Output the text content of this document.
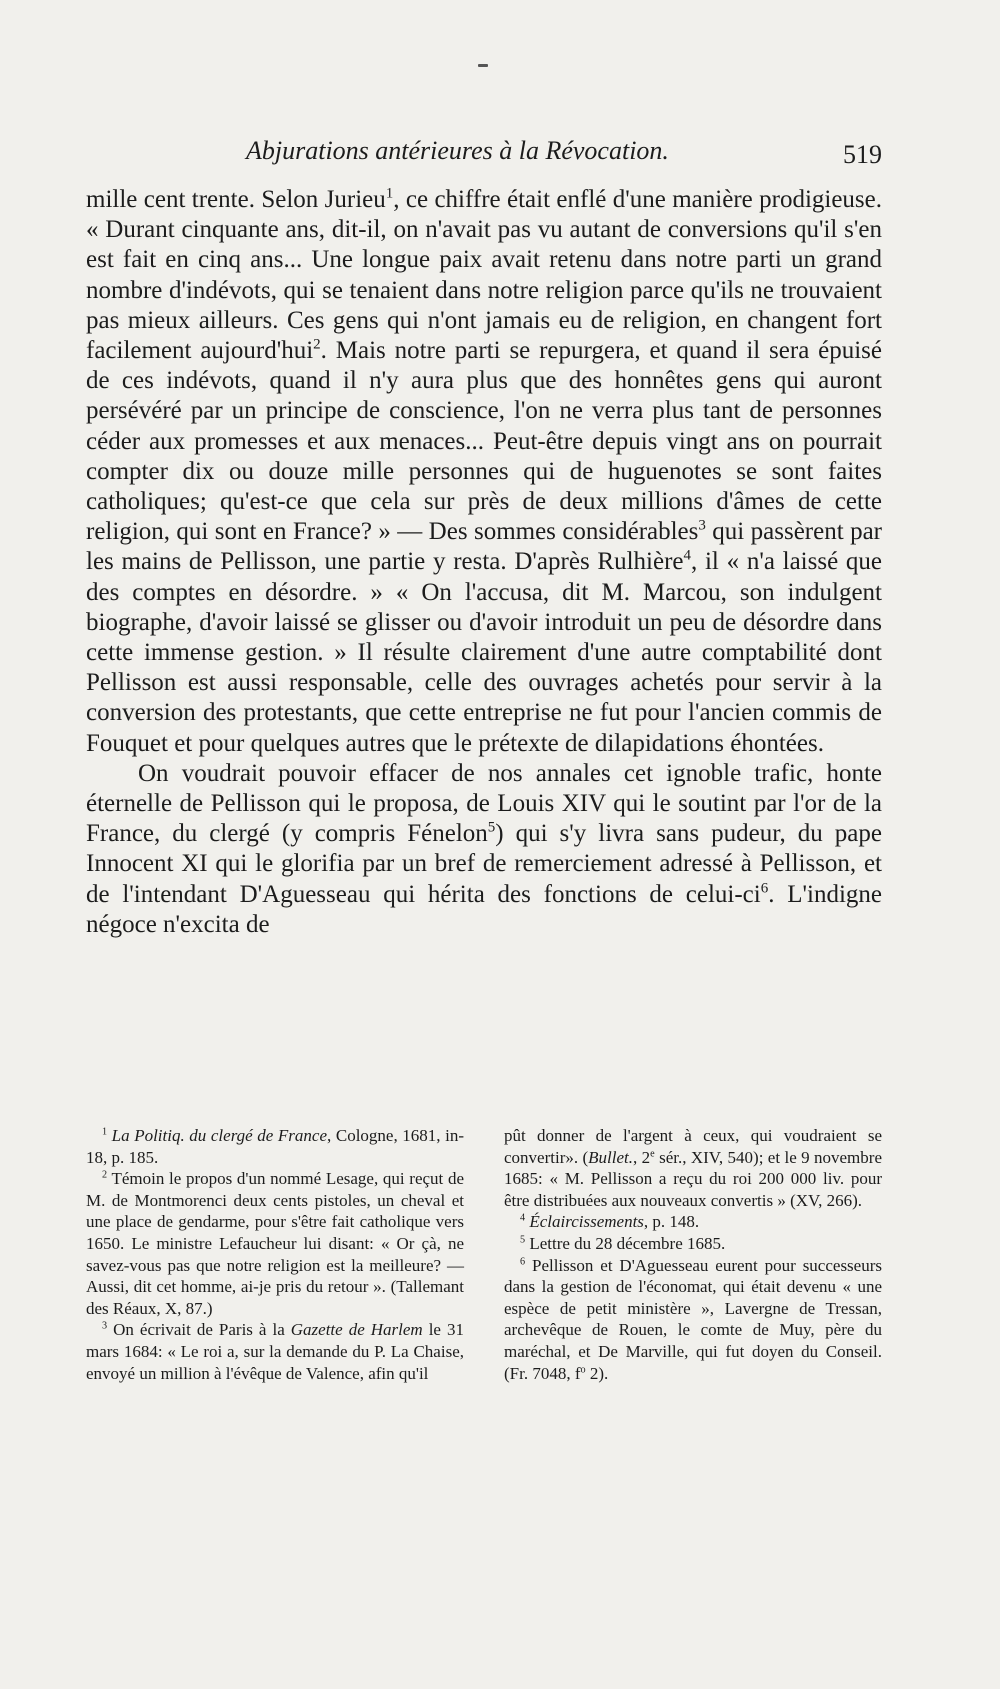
Abjurations antérieures à la Révocation.	519

mille cent trente. Selon Jurieu$^1$, ce chiffre était enflé d'une manière prodigieuse. « Durant cinquante ans, dit-il, on n'avait pas vu autant de conversions qu'il s'en est fait en cinq ans... Une longue paix avait retenu dans notre parti un grand nombre d'indévots, qui se tenaient dans notre religion parce qu'ils ne trouvaient pas mieux ailleurs. Ces gens qui n'ont jamais eu de religion, en changent fort facilement aujourd'hui$^2$. Mais notre parti se repurgera, et quand il sera épuisé de ces indévots, quand il n'y aura plus que des honnêtes gens qui auront persévéré par un principe de conscience, l'on ne verra plus tant de personnes céder aux promesses et aux menaces... Peut-être depuis vingt ans on pourrait compter dix ou douze mille personnes qui de huguenotes se sont faites catholiques; qu'est-ce que cela sur près de deux millions d'âmes de cette religion, qui sont en France? » — Des sommes considérables$^3$ qui passèrent par les mains de Pellisson, une partie y resta. D'après Rulhière$^4$, il « n'a laissé que des comptes en désordre. » « On l'accusa, dit M. Marcou, son indulgent biographe, d'avoir laissé se glisser ou d'avoir introduit un peu de désordre dans cette immense gestion. » Il résulte clairement d'une autre comptabilité dont Pellisson est aussi responsable, celle des ouvrages achetés pour servir à la conversion des protestants, que cette entreprise ne fut pour l'ancien commis de Fouquet et pour quelques autres que le prétexte de dilapidations éhontées.

On voudrait pouvoir effacer de nos annales cet ignoble trafic, honte éternelle de Pellisson qui le proposa, de Louis XIV qui le soutint par l'or de la France, du clergé (y compris Fénelon$^5$) qui s'y livra sans pudeur, du pape Innocent XI qui le glorifia par un bref de remerciement adressé à Pellisson, et de l'intendant D'Aguesseau qui hérita des fonctions de celui-$ci^6$. L'indigne négoce n'excita de

$^1$ La Politiq. du clergé de France, Cologne, 1681, in-18, p. 185.

$^2$ Témoin le propos d'un nommé Lesage, qui reçut de M. de Montmorenci deux cents pistoles, un cheval et une place de gendarme, pour s'être fait catholique vers 1650. Le ministre Lefaucheur lui disant: « Or çà, ne savez-vous pas que notre religion est la meilleure? — Aussi, dit cet homme, ai-je pris du retour ». (Tallemant des Réaux, X, 87.)

$^3$ On écrivait de Paris à la Gazette de Harlem le 31 mars 1684: « Le roi a, sur la demande du P. La Chaise, envoyé un million à l'évêque de Valence, afin qu'il

pût donner de l'argent à ceux, qui voudraient se convertir». (Bullet., 2e sér., XIV, 540); et le 9 novembre 1685: « M. Pellisson a reçu du roi 200 000 liv. pour être distribuées aux nouveaux convertis » (XV, 266).

$^4$ Éclaircissements, p. 148.

$^5$ Lettre du 28 décembre 1685.

$^6$ Pellisson et D'Aguesseau eurent pour successeurs dans la gestion de l'économat, qui était devenu « une espèce de petit ministère », Lavergne de Tressan, archevêque de Rouen, le comte de Muy, père du maréchal, et De Marville, qui fut doyen du Conseil. (Fr. 7048, $f^o$ 2).
